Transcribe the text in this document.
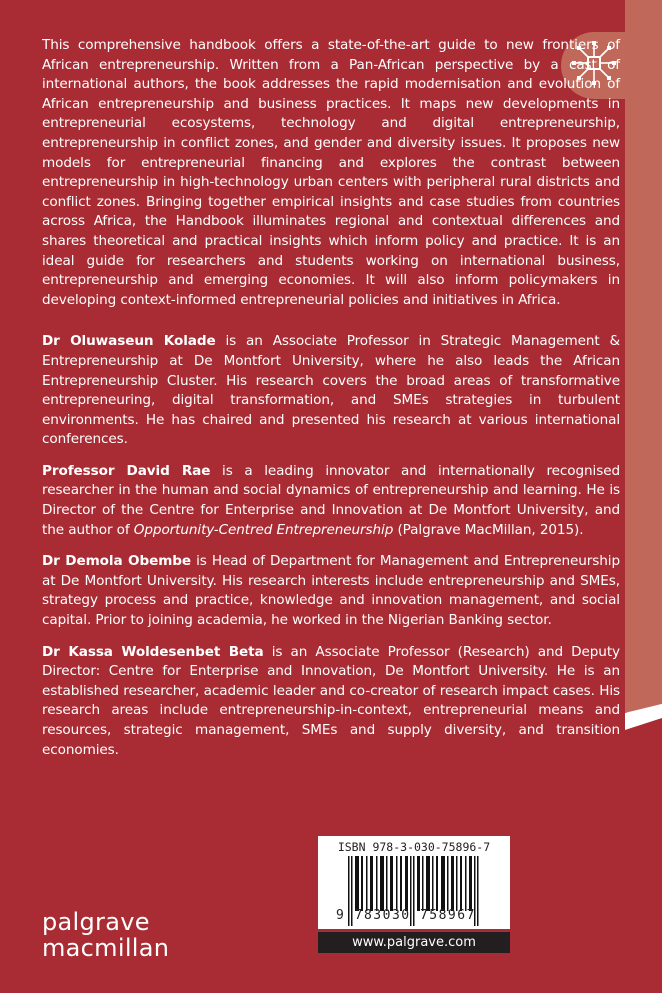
This comprehensive handbook offers a state-of-the-art guide to new frontiers of African entrepreneurship. Written from a Pan-African perspective by a cast of international authors, the book addresses the rapid modernisation and evolution of African entrepreneurship and business practices. It maps new developments in entrepreneurial ecosystems, technology and digital entrepreneurship, entrepreneurship in conflict zones, and gender and diversity issues. It proposes new models for entrepreneurial financing and explores the contrast between entrepreneurship in high-technology urban centers with peripheral rural districts and conflict zones. Bringing together empirical insights and case studies from countries across Africa, the Handbook illuminates regional and contextual differences and shares theoretical and practical insights which inform policy and practice. It is an ideal guide for researchers and students working on international business, entrepreneurship and emerging economies. It will also inform policymakers in developing context-informed entrepreneurial policies and initiatives in Africa.

Dr Oluwaseun Kolade is an Associate Professor in Strategic Management & Entrepreneurship at De Montfort University, where he also leads the African Entrepreneurship Cluster. His research covers the broad areas of transformative entrepreneuring, digital transformation, and SMEs strategies in turbulent environments. He has chaired and presented his research at various international conferences.

Professor David Rae is a leading innovator and internationally recognised researcher in the human and social dynamics of entrepreneurship and learning. He is Director of the Centre for Enterprise and Innovation at De Montfort University, and the author of Opportunity-Centred Entrepreneurship (Palgrave MacMillan, 2015).

Dr Demola Obembe is Head of Department for Management and Entrepreneurship at De Montfort University. His research interests include entrepreneurship and SMEs, strategy process and practice, knowledge and innovation management, and social capital. Prior to joining academia, he worked in the Nigerian Banking sector.

Dr Kassa Woldesenbet Beta is an Associate Professor (Research) and Deputy Director: Centre for Enterprise and Innovation, De Montfort University. He is an established researcher, academic leader and co-creator of research impact cases. His research areas include entrepreneurship-in-context, entrepreneurial means and resources, strategic management, SMEs and supply diversity, and transition economies.

ISBN 978-3-030-75896-7
9 783030 758967
www.palgrave.com
palgrave
macmillan
